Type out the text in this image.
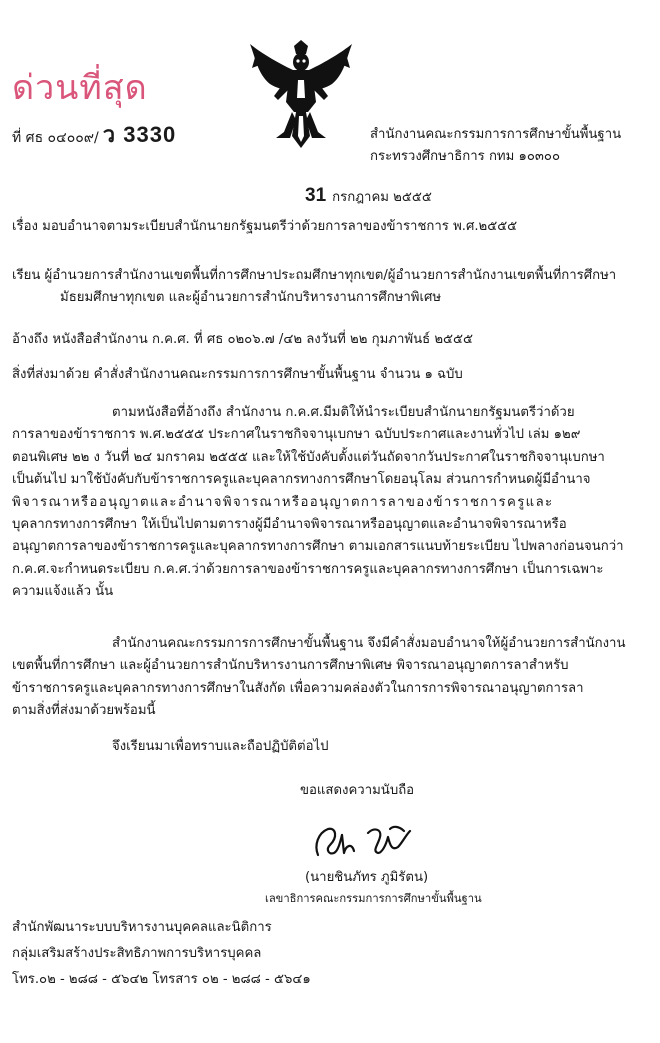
ด่วนที่สุด
ที่ ศธ ๐๔๐๐๙/ ว 3330	สำนักงานคณะกรรมการการศึกษาขั้นพื้นฐาน
กระทรวงศึกษาธิการ กทม ๑๐๓๐๐
31 กรกฎาคม ๒๕๕๕
เรื่อง มอบอำนาจตามระเบียบสำนักนายกรัฐมนตรีว่าด้วยการลาของข้าราชการ พ.ศ.๒๕๕๕
เรียน ผู้อำนวยการสำนักงานเขตพื้นที่การศึกษาประถมศึกษาทุกเขต/ผู้อำนวยการสำนักงานเขตพื้นที่การศึกษา
มัธยมศึกษาทุกเขต และผู้อำนวยการสำนักบริหารงานการศึกษาพิเศษ
อ้างถึง หนังสือสำนักงาน ก.ค.ศ. ที่ ศธ ๐๒๐๖.๗ /๔๒ ลงวันที่ ๒๒ กุมภาพันธ์ ๒๕๕๕
สิ่งที่ส่งมาด้วย คำสั่งสำนักงานคณะกรรมการการศึกษาขั้นพื้นฐาน จำนวน ๑ ฉบับ
ตามหนังสือที่อ้างถึง สำนักงาน ก.ค.ศ.มีมติให้นำระเบียบสำนักนายกรัฐมนตรีว่าด้วย
การลาของข้าราชการ พ.ศ.๒๕๕๕ ประกาศในราชกิจจานุเบกษา ฉบับประกาศและงานทั่วไป เล่ม ๑๒๙
ตอนพิเศษ ๒๒ ง วันที่ ๒๔ มกราคม ๒๕๕๕ และให้ใช้บังคับตั้งแต่วันถัดจากวันประกาศในราชกิจจานุเบกษา
เป็นต้นไป มาใช้บังคับกับข้าราชการครูและบุคลากรทางการศึกษาโดยอนุโลม ส่วนการกำหนดผู้มีอำนาจ
พิจารณาหรืออนุญาตและอำนาจพิจารณาหรืออนุญาตการลาของข้าราชการครูและ
บุคลากรทางการศึกษา ให้เป็นไปตามตารางผู้มีอำนาจพิจารณาหรืออนุญาตและอำนาจพิจารณาหรือ
อนุญาตการลาของข้าราชการครูและบุคลากรทางการศึกษา ตามเอกสารแนบท้ายระเบียบ ไปพลางก่อนจนกว่า
ก.ค.ศ.จะกำหนดระเบียบ ก.ค.ศ.ว่าด้วยการลาของข้าราชการครูและบุคลากรทางการศึกษา เป็นการเฉพาะ
ความแจ้งแล้ว นั้น
สำนักงานคณะกรรมการการศึกษาขั้นพื้นฐาน จึงมีคำสั่งมอบอำนาจให้ผู้อำนวยการสำนักงาน
เขตพื้นที่การศึกษา และผู้อำนวยการสำนักบริหารงานการศึกษาพิเศษ พิจารณาอนุญาตการลาสำหรับ
ข้าราชการครูและบุคลากรทางการศึกษาในสังกัด เพื่อความคล่องตัวในการการพิจารณาอนุญาตการลา
ตามสิ่งที่ส่งมาด้วยพร้อมนี้
จึงเรียนมาเพื่อทราบและถือปฏิบัติต่อไป
ขอแสดงความนับถือ
(นายชินภัทร ภูมิรัตน)
เลขาธิการคณะกรรมการการศึกษาขั้นพื้นฐาน
สำนักพัฒนาระบบบริหารงานบุคคลและนิติการ
กลุ่มเสริมสร้างประสิทธิภาพการบริหารบุคคล
โทร.๐๒ - ๒๘๘ - ๕๖๔๒ โทรสาร ๐๒ - ๒๘๘ - ๕๖๔๑
